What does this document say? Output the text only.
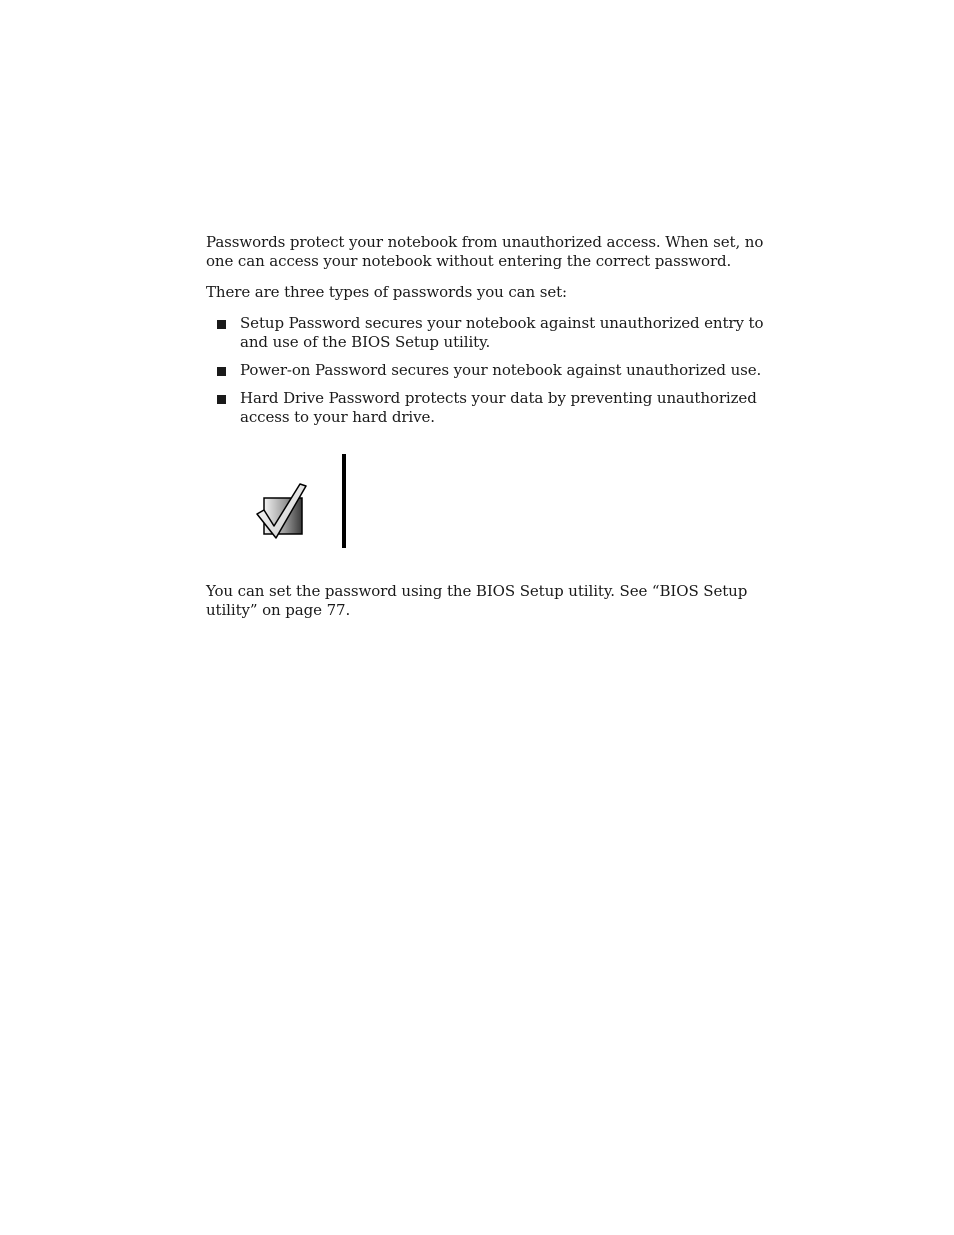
Passwords protect your notebook from unauthorized access. When set, no one can access your notebook without entering the correct password.

There are three types of passwords you can set:

Setup Password secures your notebook against unauthorized entry to and use of the BIOS Setup utility.
Power-on Password secures your notebook against unauthorized use.
Hard Drive Password protects your data by preventing unauthorized access to your hard drive.

You can set the password using the BIOS Setup utility. See “BIOS Setup utility” on page 77.
